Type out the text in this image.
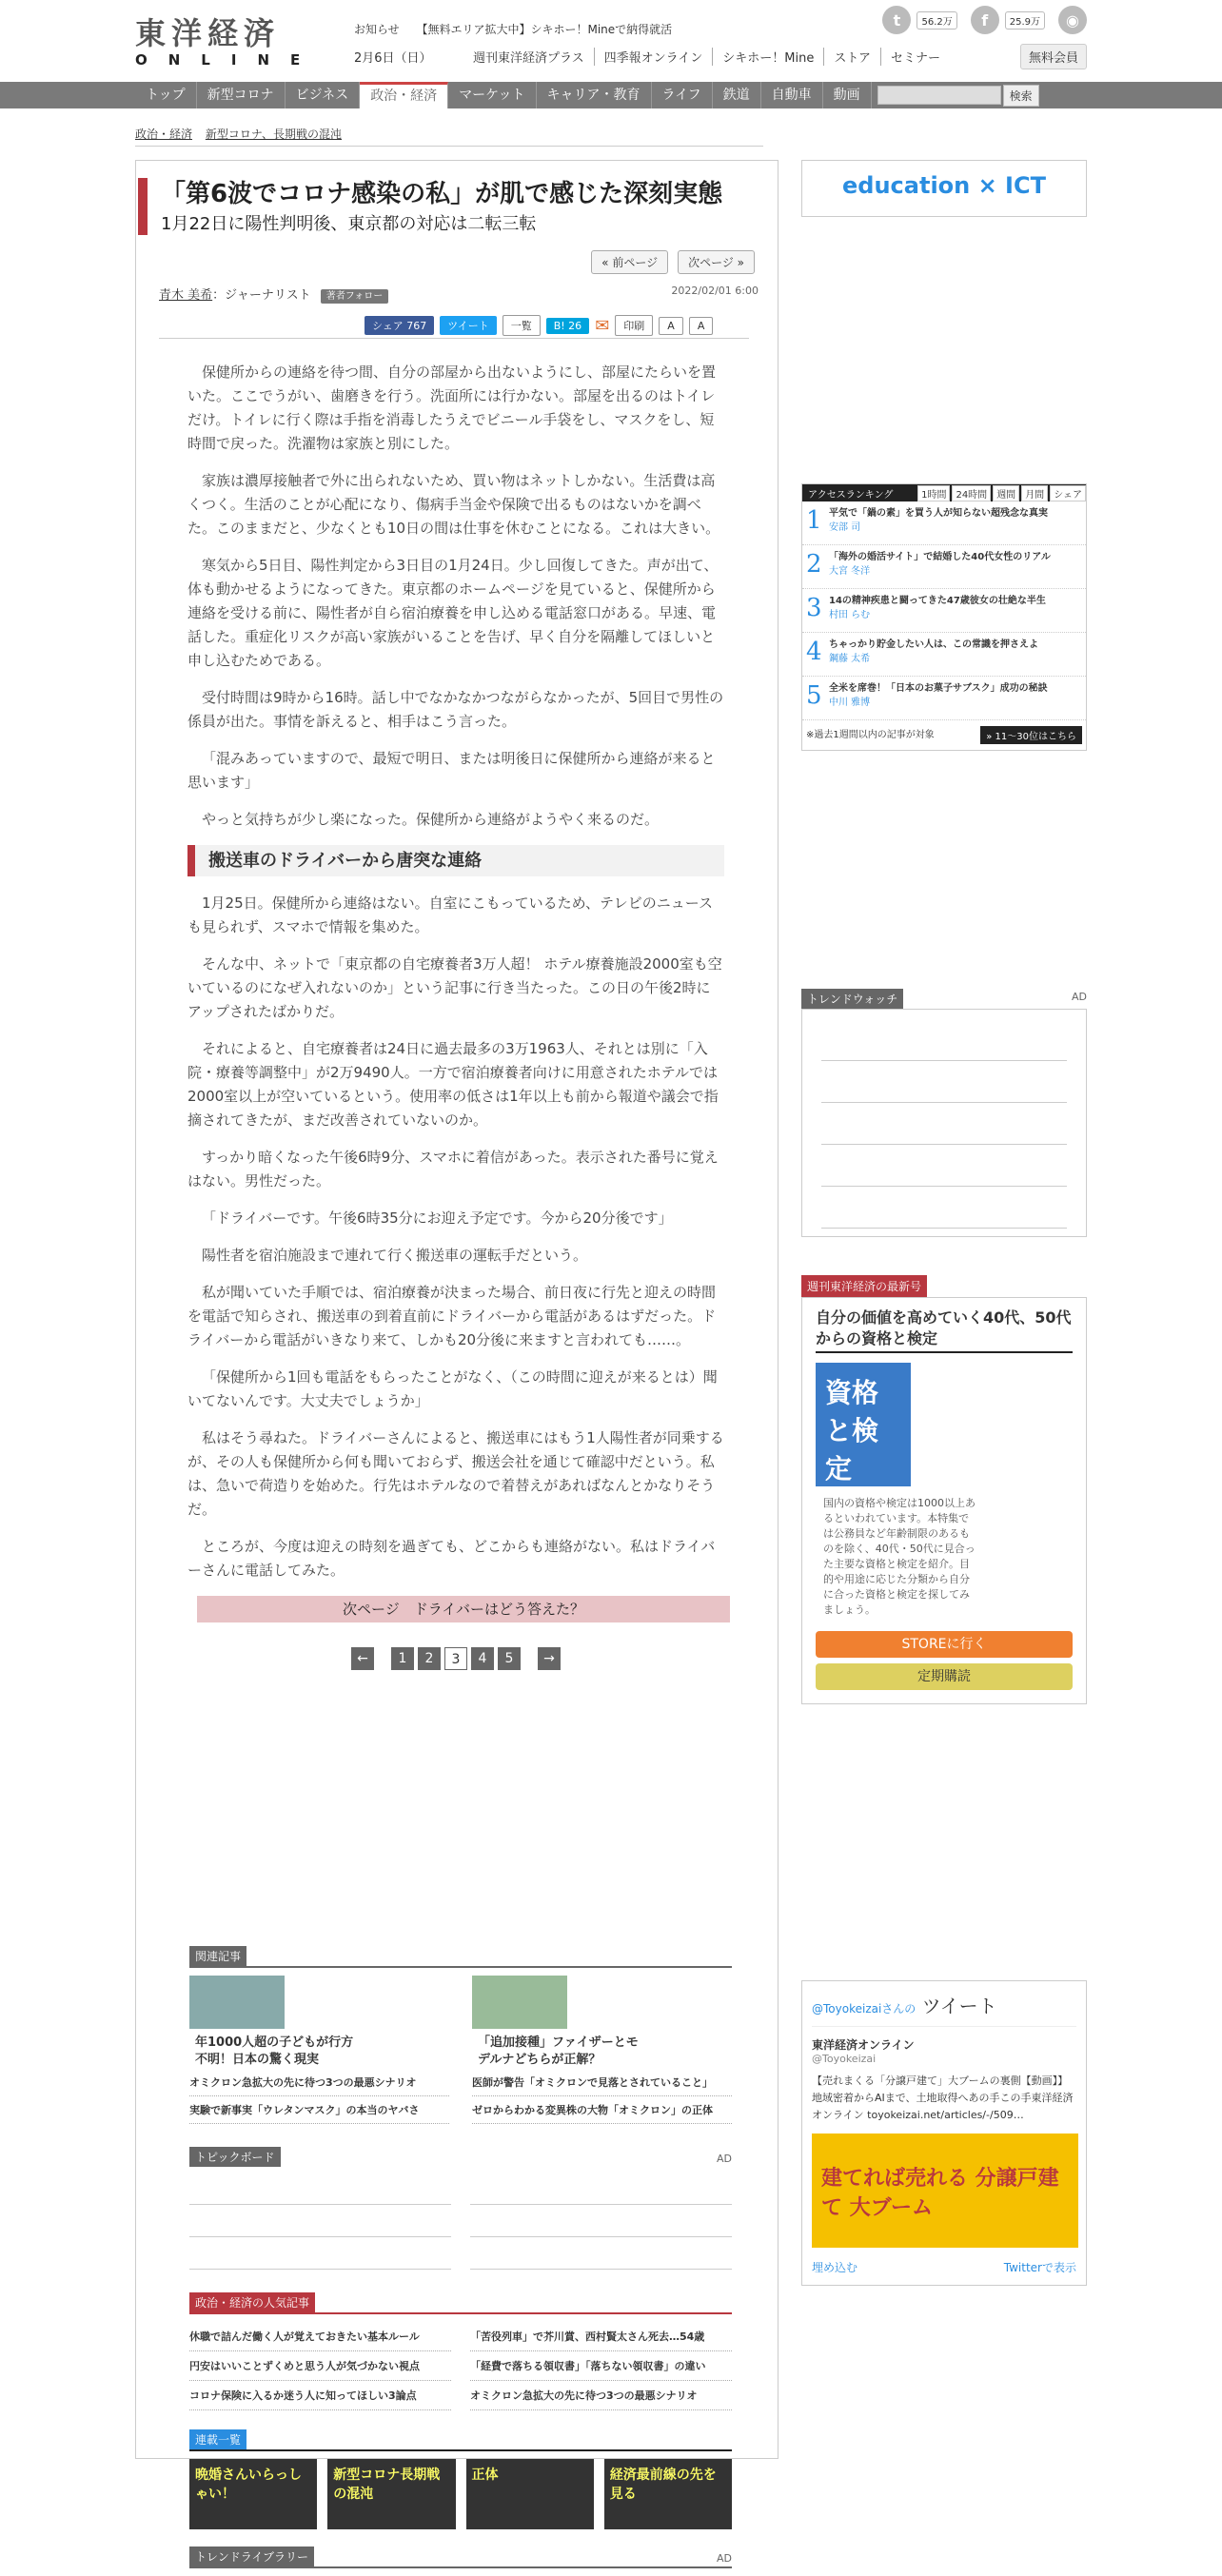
東洋経済
ONLINE
お知らせ 【無料エリア拡大中】シキホー！Mineで納得就活
2月6日（日）	週刊東洋経済プラス	四季報オンライン	シキホー！Mine	ストア	セミナー
t	56.2万	f	25.9万	◉
無料会員
トップ	新型コロナ	ビジネス	政治・経済	マーケット	キャリア・教育	ライフ	鉄道	自動車	動画	検索
政治・経済 新型コロナ、長期戦の混沌
「第6波でコロナ感染の私」が肌で感じた深刻実態
1月22日に陽性判明後、東京都の対応は二転三転
« 前ページ	次ページ »
青木 美希：ジャーナリスト 著者フォロー	2022/02/01 6:00
シェア 767	ツイート	一覧	B! 26 ✉	印刷	A	A

保健所からの連絡を待つ間、自分の部屋から出ないようにし、部屋にたらいを置いた。ここでうがい、歯磨きを行う。洗面所には行かない。部屋を出るのはトイレだけ。トイレに行く際は手指を消毒したうえでビニール手袋をし、マスクをし、短時間で戻った。洗濯物は家族と別にした。

家族は濃厚接触者で外に出られないため、買い物はネットしかない。生活費は高くつく。生活のことが心配になり、傷病手当金や保険で出るものはないかを調べた。このままだと、少なくとも10日の間は仕事を休むことになる。これは大きい。

寒気から5日目、陽性判定から3日目の1月24日。少し回復してきた。声が出て、体も動かせるようになってきた。東京都のホームページを見ていると、保健所から連絡を受ける前に、陽性者が自ら宿泊療養を申し込める電話窓口がある。早速、電話した。重症化リスクが高い家族がいることを告げ、早く自分を隔離してほしいと申し込むためである。

受付時間は9時から16時。話し中でなかなかつながらなかったが、5回目で男性の係員が出た。事情を訴えると、相手はこう言った。

「混みあっていますので、最短で明日、または明後日に保健所から連絡が来ると思います」

やっと気持ちが少し楽になった。保健所から連絡がようやく来るのだ。

搬送車のドライバーから唐突な連絡

1月25日。保健所から連絡はない。自室にこもっているため、テレビのニュースも見られず、スマホで情報を集めた。

そんな中、ネットで「東京都の自宅療養者3万人超！ ホテル療養施設2000室も空いているのになぜ入れないのか」という記事に行き当たった。この日の午後2時にアップされたばかりだ。

それによると、自宅療養者は24日に過去最多の3万1963人、それとは別に「入院・療養等調整中」が2万9490人。一方で宿泊療養者向けに用意されたホテルでは2000室以上が空いているという。使用率の低さは1年以上も前から報道や議会で指摘されてきたが、まだ改善されていないのか。

すっかり暗くなった午後6時9分、スマホに着信があった。表示された番号に覚えはない。男性だった。

「ドライバーです。午後6時35分にお迎え予定です。今から20分後です」

陽性者を宿泊施設まで連れて行く搬送車の運転手だという。

私が聞いていた手順では、宿泊療養が決まった場合、前日夜に行先と迎えの時間を電話で知らされ、搬送車の到着直前にドライバーから電話があるはずだった。ドライバーから電話がいきなり来て、しかも20分後に来ますと言われても……。

「保健所から1回も電話をもらったことがなく、（この時間に迎えが来るとは）聞いてないんです。大丈夫でしょうか」

私はそう尋ねた。ドライバーさんによると、搬送車にはもう1人陽性者が同乗するが、その人も保健所から何も聞いておらず、搬送会社を通じて確認中だという。私は、急いで荷造りを始めた。行先はホテルなので着替えがあればなんとかなりそうだ。

ところが、今度は迎えの時刻を過ぎても、どこからも連絡がない。私はドライバーさんに電話してみた。

次ページ　ドライバーはどう答えた？
←	1	2	3	4	5	→
関連記事
年1000人超の子どもが行方不明！日本の驚く現実
オミクロン急拡大の先に待つ3つの最悪シナリオ
実験で新事実「ウレタンマスク」の本当のヤバさ
「追加接種」ファイザーとモデルナどちらが正解？
医師が警告「オミクロンで見落とされていること」
ゼロからわかる変異株の大物「オミクロン」の正体
トピックボード	AD
政治・経済の人気記事
休職で詰んだ働く人が覚えておきたい基本ルール
円安はいいことずくめと思う人が気づかない視点
コロナ保険に入るか迷う人に知ってほしい3論点
「苦役列車」で芥川賞、西村賢太さん死去…54歳
「経費で落ちる領収書」「落ちない領収書」の違い
オミクロン急拡大の先に待つ3つの最悪シナリオ
連載一覧
晩婚さんいらっしゃい！
新型コロナ長期戦の混沌
正体	経済最前線の先を見る
トレンドライブラリー	AD
education × ICT
アクセスランキング	1時間	24時間	週間	月間	シェア
1 平気で「鍋の素」を買う人が知らない超残念な真実
安部 司
2 「海外の婚活サイト」で結婚した40代女性のリアル
大宮 冬洋
3 14の精神疾患と闘ってきた47歳彼女の壮絶な半生
村田 らむ
4 ちゃっかり貯金したい人は、この常識を押さえよ
鋼藤 太希
5 全米を席巻！「日本のお菓子サブスク」成功の秘訣
中川 雅博
※過去1週間以内の記事が対象	» 11～30位はこちら
トレンドウォッチ	AD
週刊東洋経済の最新号
自分の価値を高めていく40代、50代からの資格と検定
資格と検定 国内の資格や検定は1000以上あるといわれています。本特集では公務員など年齢制限のあるものを除く、40代・50代に見合った主要な資格と検定を紹介。目的や用途に応じた分類から自分に合った資格と検定を探してみましょう。
STOREに行く
定期購読
@Toyokeizaiさんの ツイート
東洋経済オンライン
@Toyokeizai
【売れまくる「分譲戸建て」大ブームの裏側【動画】】 地域密着からAIまで、土地取得へあの手この手東洋経済オンライン toyokeizai.net/articles/-/509…
建てれば売れる 分譲戸建て 大ブーム
埋め込む	Twitterで表示
